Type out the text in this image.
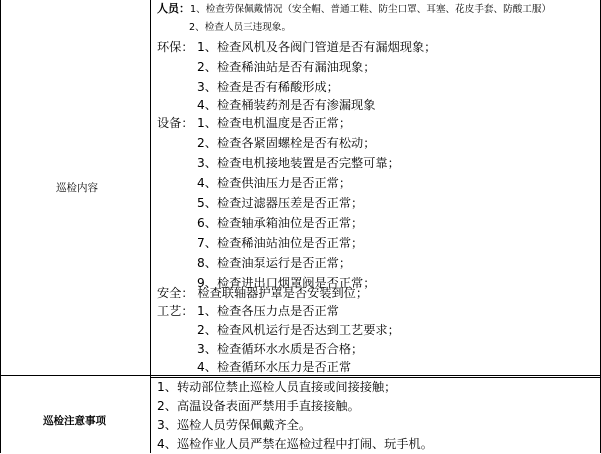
巡检内容
人员：1、检查劳保佩戴情况（安全帽、普通工鞋、防尘口罩、耳塞、花皮手套、防酸工服）
2、检查人员三违现象。
环保： 1、检查风机及各阀门管道是否有漏烟现象；
2、检查稀油站是否有漏油现象；
3、检查是否有稀酸形成；
4、检查桶装药剂是否有渗漏现象
设备： 1、检查电机温度是否正常；
2、检查各紧固螺栓是否有松动；
3、检查电机接地装置是否完整可靠；
4、检查供油压力是否正常；
5、检查过滤器压差是否正常；
6、检查轴承箱油位是否正常；
7、检查稀油站油位是否正常；
8、检查油泵运行是否正常；
9、检查进出口烟罩阀是否正常；
安全： 检查联轴器护罩是否安装到位；
工艺： 1、检查各压力点是否正常
2、检查风机运行是否达到工艺要求；
3、检查循环水水质是否合格；
4、检查循环水压力是否正常
巡检注意事项
1、转动部位禁止巡检人员直接或间接接触；
2、高温设备表面严禁用手直接接触。
3、巡检人员劳保佩戴齐全。
4、巡检作业人员严禁在巡检过程中打闹、玩手机。
